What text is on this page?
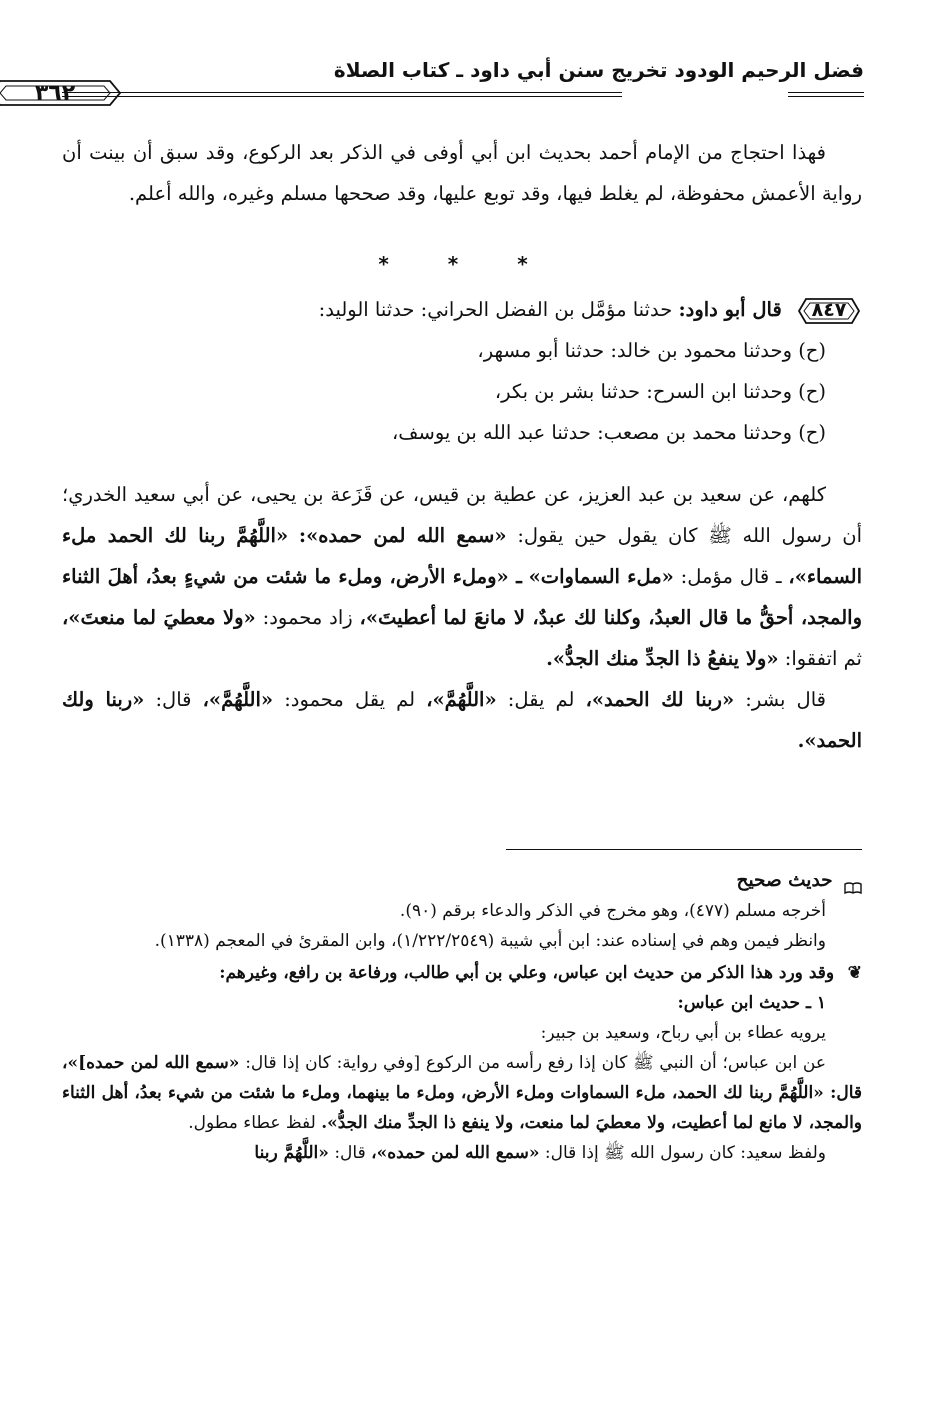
فضل الرحيم الودود تخريج سنن أبي داود ـ كتاب الصلاة
٣٦٢

فهذا احتجاج من الإمام أحمد بحديث ابن أبي أوفى في الذكر بعد الركوع، وقد سبق أن بينت أن رواية الأعمش محفوظة، لم يغلط فيها، وقد توبع عليها، وقد صححها مسلم وغيره، والله أعلم.

* * *

٨٤٧
قال أبو داود: حدثنا مؤمَّل بن الفضل الحراني: حدثنا الوليد:

(ح) وحدثنا محمود بن خالد: حدثنا أبو مسهر،

(ح) وحدثنا ابن السرح: حدثنا بشر بن بكر،

(ح) وحدثنا محمد بن مصعب: حدثنا عبد الله بن يوسف،

كلهم، عن سعيد بن عبد العزيز، عن عطية بن قيس، عن قَزَعة بن يحيى، عن أبي سعيد الخدري؛ أن رسول الله ﷺ كان يقول حين يقول: «سمع الله لمن حمده»: «اللَّهُمَّ ربنا لك الحمد ملء السماء»، ـ قال مؤمل: «ملء السماوات» ـ «وملء الأرض، وملء ما شئت من شيءٍ بعدُ، أهلَ الثناء والمجد، أحقُّ ما قال العبدُ، وكلنا لك عبدٌ، لا مانعَ لما أعطيتَ»، زاد محمود: «ولا معطيَ لما منعتَ»، ثم اتفقوا: «ولا ينفعُ ذا الجدِّ منك الجدُّ».

قال بشر: «ربنا لك الحمد»، لم يقل: «اللَّهُمَّ»، لم يقل محمود: «اللَّهُمَّ»، قال: «ربنا ولك الحمد».

حديث صحيح

أخرجه مسلم (٤٧٧)، وهو مخرج في الذكر والدعاء برقم (٩٠).

وانظر فيمن وهم في إسناده عند: ابن أبي شيبة (١/٢٢٢/٢٥٤٩)، وابن المقرئ في المعجم (١٣٣٨).

❦ وقد ورد هذا الذكر من حديث ابن عباس، وعلي بن أبي طالب، ورفاعة بن رافع، وغيرهم:

١ ـ حديث ابن عباس:

يرويه عطاء بن أبي رباح، وسعيد بن جبير:

عن ابن عباس؛ أن النبي ﷺ كان إذا رفع رأسه من الركوع [وفي رواية: كان إذا قال: «سمع الله لمن حمده]»، قال: «اللَّهُمَّ ربنا لك الحمد، ملء السماوات وملء الأرض، وملء ما بينهما، وملء ما شئت من شيء بعدُ، أهل الثناء والمجد، لا مانع لما أعطيت، ولا معطيَ لما منعت، ولا ينفع ذا الجدِّ منك الجدُّ». لفظ عطاء مطول.

ولفظ سعيد: كان رسول الله ﷺ إذا قال: «سمع الله لمن حمده»، قال: «اللَّهُمَّ ربنا
